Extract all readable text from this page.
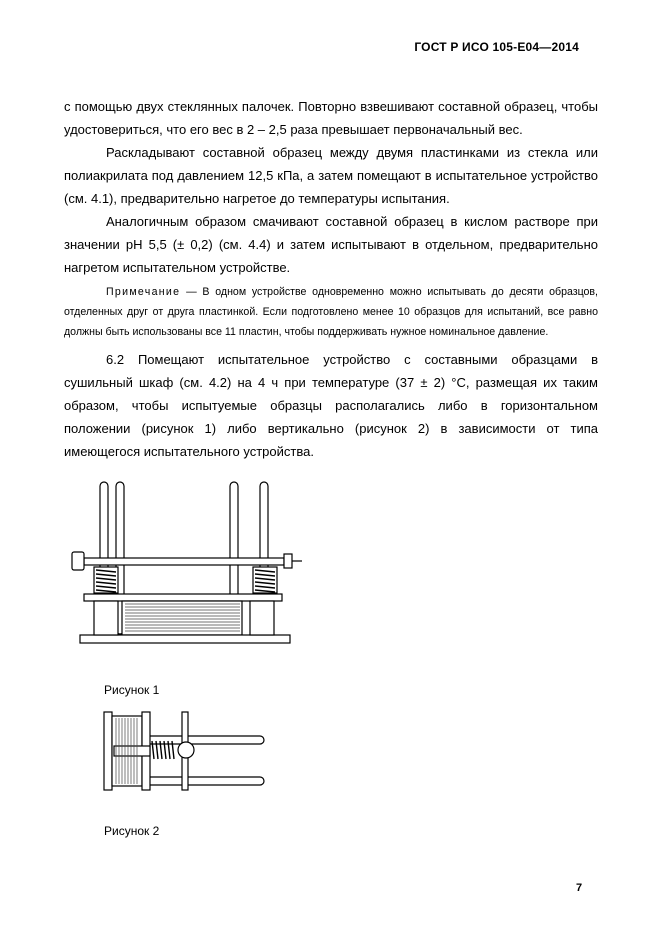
ГОСТ Р ИСО 105-E04—2014

с помощью двух стеклянных палочек. Повторно взвешивают составной образец, чтобы удостовериться, что его вес в 2 – 2,5 раза превышает первоначальный вес.

Раскладывают составной образец между двумя пластинками из стекла или полиакрилата под давлением 12,5 кПа, а затем помещают в испытательное устройство (см. 4.1), предварительно нагретое до температуры испытания.

Аналогичным образом смачивают составной образец в кислом растворе при значении pH 5,5 (± 0,2) (см. 4.4) и затем испытывают в отдельном, предварительно нагретом испытательном устройстве.

Примечание — В одном устройстве одновременно можно испытывать до десяти образцов, отделенных друг от друга пластинкой. Если подготовлено менее 10 образцов для испытаний, все равно должны быть использованы все 11 пластин, чтобы поддерживать нужное номинальное давление.

6.2 Помещают испытательное устройство с составными образцами в сушильный шкаф (см. 4.2) на 4 ч при температуре (37 ± 2) °С, размещая их таким образом, чтобы испытуемые образцы располагались либо в горизонтальном положении (рисунок 1) либо вертикально (рисунок 2) в зависимости от типа имеющегося испытательного устройства.

Рисунок 1
Рисунок 2
7
